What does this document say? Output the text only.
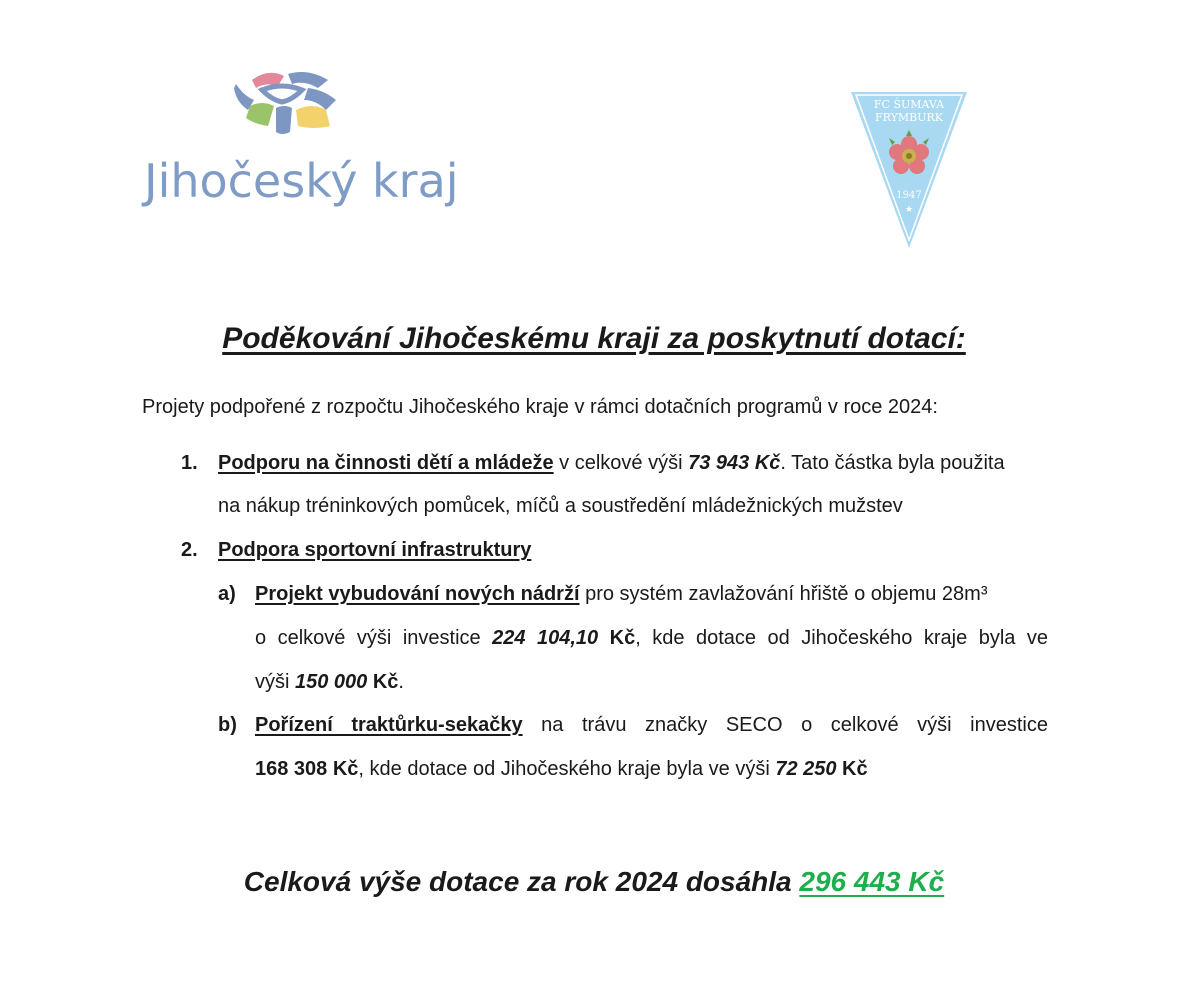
Jihočeský kraj
FC ŠUMAVA
FRYMBURK
1947
★
Poděkování Jihočeskému kraji za poskytnutí dotací:
Projety podpořené z rozpočtu Jihočeského kraje v rámci dotačních programů v roce 2024:
1. Podporu na činnosti dětí a mládeže v celkové výši 73 943 Kč. Tato částka byla použita
na nákup tréninkových pomůcek, míčů a soustředění mládežnických mužstev
2. Podpora sportovní infrastruktury
a) Projekt vybudování nových nádrží pro systém zavlažování hřiště o objemu 28m³
o celkové výši investice 224 104,10 Kč, kde dotace od Jihočeského kraje byla ve
výši 150 000 Kč.
b) Pořízení traktůrku-sekačky na trávu značky SECO o celkové výši investice
168 308 Kč, kde dotace od Jihočeského kraje byla ve výši 72 250 Kč
Celková výše dotace za rok 2024 dosáhla 296 443 Kč
